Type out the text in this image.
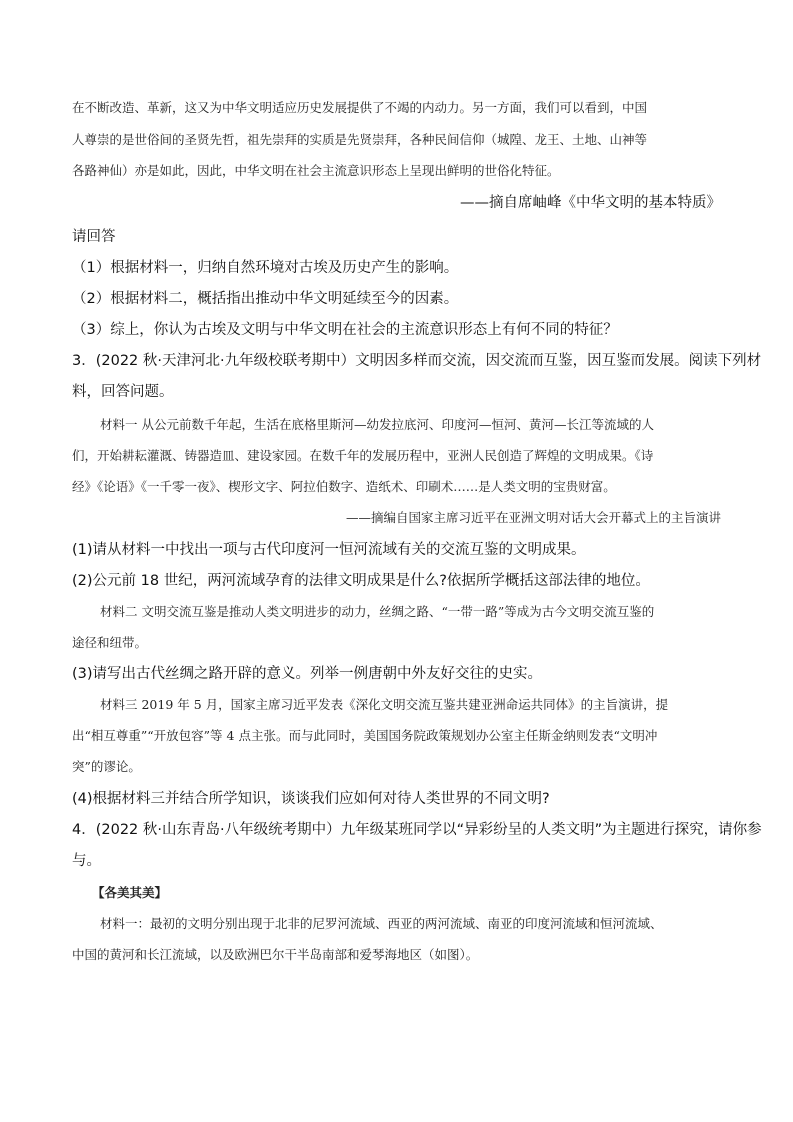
在不断改造、革新，这又为中华文明适应历史发展提供了不竭的内动力。另一方面，我们可以看到，中国
人尊崇的是世俗间的圣贤先哲，祖先崇拜的实质是先贤崇拜，各种民间信仰（城隍、龙王、土地、山神等
各路神仙）亦是如此，因此，中华文明在社会主流意识形态上呈现出鲜明的世俗化特征。
——摘自席岫峰《中华文明的基本特质》
请回答
（1）根据材料一，归纳自然环境对古埃及历史产生的影响。
（2）根据材料二，概括指出推动中华文明延续至今的因素。
（3）综上，你认为古埃及文明与中华文明在社会的主流意识形态上有何不同的特征？
3．(2022 秋·天津河北·九年级校联考期中）文明因多样而交流，因交流而互鉴，因互鉴而发展。阅读下列材
料，回答问题。
材料一 从公元前数千年起，生活在底格里斯河—幼发拉底河、印度河—恒河、黄河—长江等流域的人
们，开始耕耘灌溉、铸器造皿、建设家园。在数千年的发展历程中，亚洲人民创造了辉煌的文明成果。《诗
经》《论语》《一千零一夜》、楔形文字、阿拉伯数字、造纸术、印刷术……是人类文明的宝贵财富。
——摘编自国家主席习近平在亚洲文明对话大会开幕式上的主旨演讲
(1)请从材料一中找出一项与古代印度河一恒河流域有关的交流互鉴的文明成果。
(2)公元前 18 世纪，两河流域孕育的法律文明成果是什么?依据所学概括这部法律的地位。
材料二 文明交流互鉴是推动人类文明进步的动力，丝绸之路、“一带一路”等成为古今文明交流互鉴的
途径和纽带。
(3)请写出古代丝绸之路开辟的意义。列举一例唐朝中外友好交往的史实。
材料三 2019 年 5 月，国家主席习近平发表《深化文明交流互鉴共建亚洲命运共同体》的主旨演讲，提
出“相互尊重”“开放包容”等 4 点主张。而与此同时，美国国务院政策规划办公室主任斯金纳则发表“文明冲
突”的谬论。
(4)根据材料三并结合所学知识，谈谈我们应如何对待人类世界的不同文明?
4．(2022 秋·山东青岛·八年级统考期中）九年级某班同学以“异彩纷呈的人类文明”为主题进行探究，请你参
与。
【各美其美】
材料一：最初的文明分别出现于北非的尼罗河流域、西亚的两河流域、南亚的印度河流域和恒河流域、
中国的黄河和长江流域，以及欧洲巴尔干半岛南部和爱琴海地区（如图）。
